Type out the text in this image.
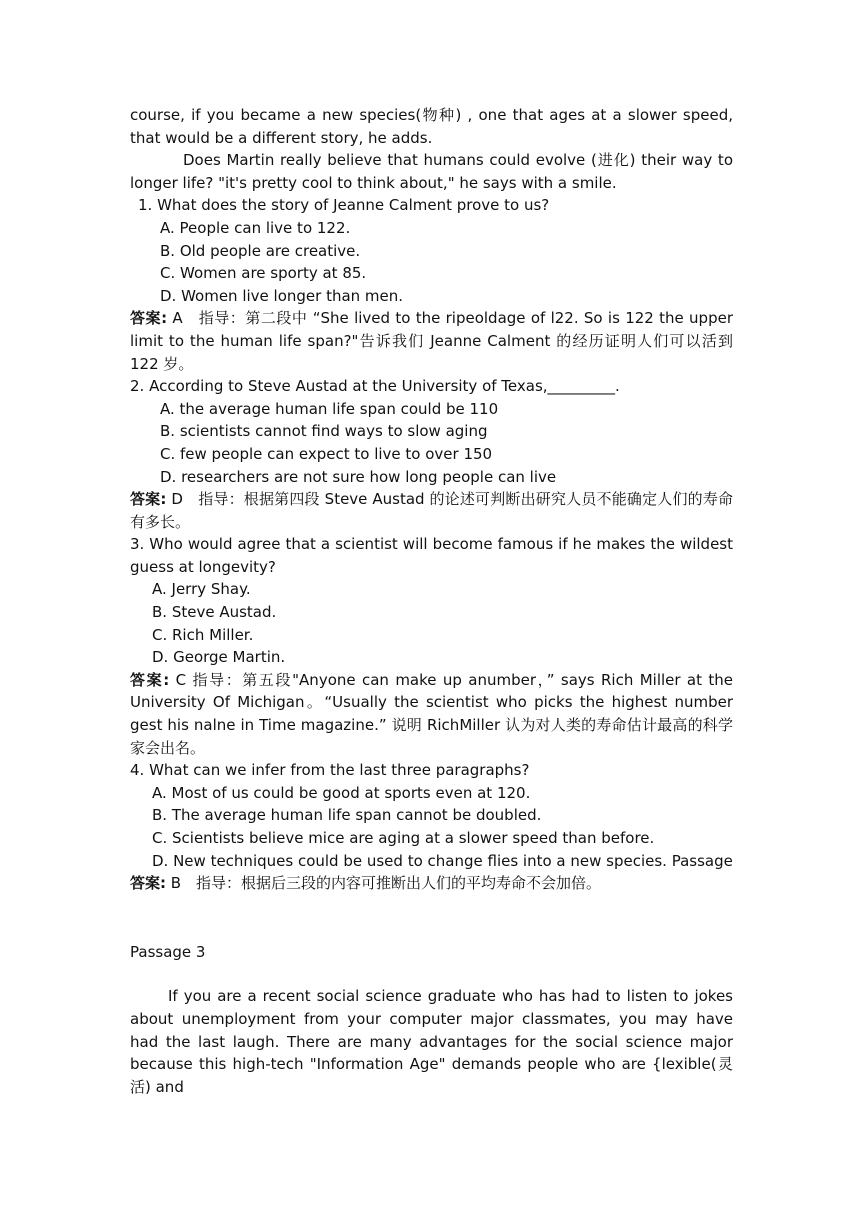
course, if you became a new species(物种) , one that ages at a slower speed, that would be a different story, he adds.

Does Martin really believe that humans could evolve (进化) their way to longer life? "it's pretty cool to think about," he says with a smile.

1. What does the story of Jeanne Calment prove to us?

A. People can live to 122.

B. Old people are creative.

C. Women are sporty at 85.

D. Women live longer than men.

答案: A　指导：第二段中 “She lived to the ripeoldage of l22. So is 122 the upper limit to the human life span?"告诉我们 Jeanne Calment 的经历证明人们可以活到 122 岁。

2. According to Steve Austad at the University of Texas,_________.

A. the average human life span could be 110

B. scientists cannot find ways to slow aging

C. few people can expect to live to over 150

D. researchers are not sure how long people can live

答案: D　指导：根据第四段 Steve Austad 的论述可判断出研究人员不能确定人们的寿命有多长。

3. Who would agree that a scientist will become famous if he makes the wildest guess at longevity?

A. Jerry Shay.

B. Steve Austad.

C. Rich Miller.

D. George Martin.

答案: C 指导：第五段"Anyone can make up anumber，” says Rich Miller at the University Of Michigan。“Usually the scientist who picks the highest number gest his nalne in Time magazine.” 说明 RichMiller 认为对人类的寿命估计最高的科学家会出名。

4. What can we infer from the last three paragraphs?

A. Most of us could be good at sports even at 120.

B. The average human life span cannot be doubled.

C. Scientists believe mice are aging at a slower speed than before.

D. New techniques could be used to change flies into a new species. Passage

答案: B　指导：根据后三段的内容可推断出人们的平均寿命不会加倍。

Passage 3

If you are a recent social science graduate who has had to listen to jokes about unemployment from your computer major classmates, you may have had the last laugh. There are many advantages for the social science major because this high-tech "Information Age" demands people who are {lexible(灵活) and
